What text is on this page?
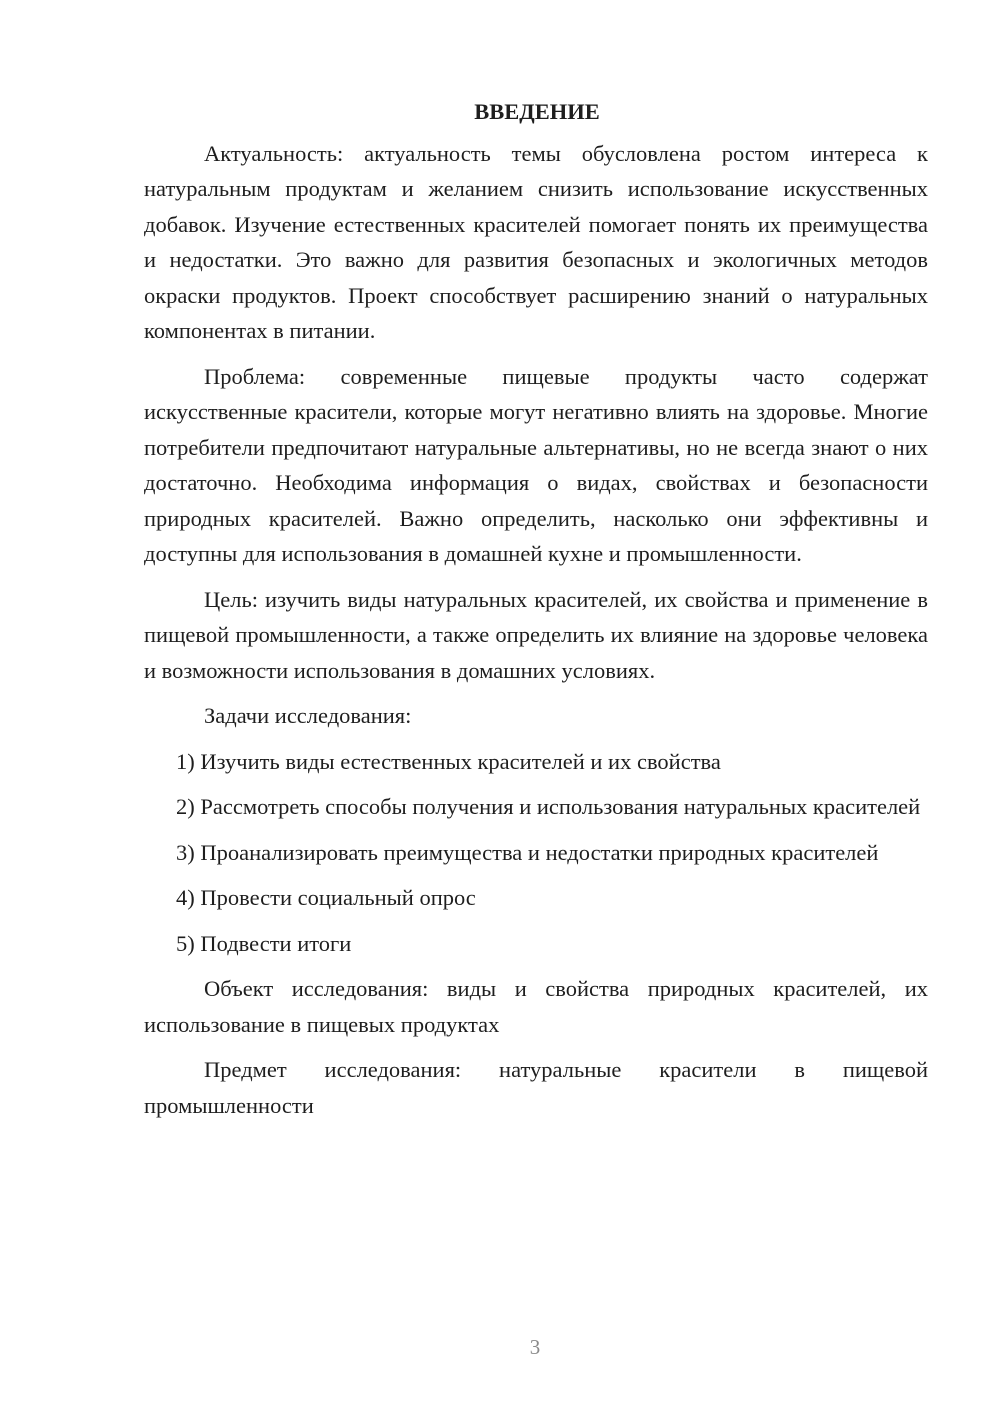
ВВЕДЕНИЕ

Актуальность: актуальность темы обусловлена ростом интереса к натуральным продуктам и желанием снизить использование искусственных добавок. Изучение естественных красителей помогает понять их преимущества и недостатки. Это важно для развития безопасных и экологичных методов окраски продуктов. Проект способствует расширению знаний о натуральных компонентах в питании.

Проблема: современные пищевые продукты часто содержат искусственные красители, которые могут негативно влиять на здоровье. Многие потребители предпочитают натуральные альтернативы, но не всегда знают о них достаточно. Необходима информация о видах, свойствах и безопасности природных красителей. Важно определить, насколько они эффективны и доступны для использования в домашней кухне и промышленности.

Цель: изучить виды натуральных красителей, их свойства и применение в пищевой промышленности, а также определить их влияние на здоровье человека и возможности использования в домашних условиях.

Задачи исследования:

1) Изучить виды естественных красителей и их свойства

2) Рассмотреть способы получения и использования натуральных красителей

3) Проанализировать преимущества и недостатки природных красителей

4) Провести социальный опрос

5) Подвести итоги

Объект исследования: виды и свойства природных красителей, их использование в пищевых продуктах

Предмет исследования: натуральные красители в пищевой промышленности

3
